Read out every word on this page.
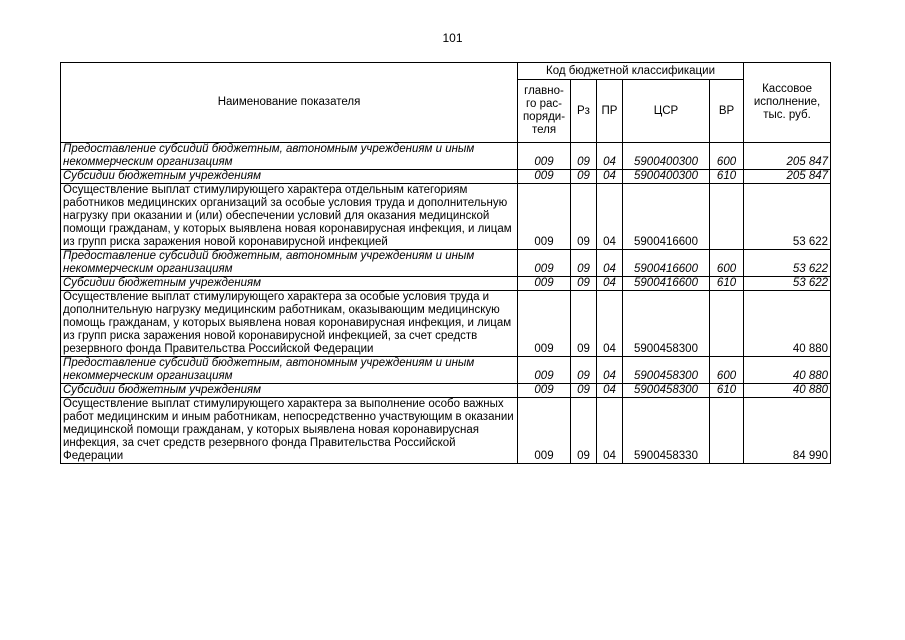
101
Наименование показателя	Код бюджетной классификации					Кассовое исполнение, тыс. руб.
	главно-го рас-поряди-теля	Рз	ПР	ЦСР	ВР	
Предоставление субсидий бюджетным, автономным учреждениям и иным некоммерческим организациям	009	09	04	5900400300	600	205 847
Субсидии бюджетным учреждениям	009	09	04	5900400300	610	205 847
Осуществление выплат стимулирующего характера отдельным категориям работников медицинских организаций за особые условия труда и дополнительную нагрузку при оказании и (или) обеспечении условий для оказания медицинской помощи гражданам, у которых выявлена новая коронавирусная инфекция, и лицам из групп риска заражения новой коронавирусной инфекцией	009	09	04	5900416600		53 622
Предоставление субсидий бюджетным, автономным учреждениям и иным некоммерческим организациям	009	09	04	5900416600	600	53 622
Субсидии бюджетным учреждениям	009	09	04	5900416600	610	53 622
Осуществление выплат стимулирующего характера за особые условия труда и дополнительную нагрузку медицинским работникам, оказывающим медицинскую помощь гражданам, у которых выявлена новая коронавирусная инфекция, и лицам из групп риска заражения новой коронавирусной инфекцией, за счет средств резервного фонда Правительства Российской Федерации	009	09	04	5900458300		40 880
Предоставление субсидий бюджетным, автономным учреждениям и иным некоммерческим организациям	009	09	04	5900458300	600	40 880
Субсидии бюджетным учреждениям	009	09	04	5900458300	610	40 880
Осуществление выплат стимулирующего характера за выполнение особо важных работ медицинским и иным работникам, непосредственно участвующим в оказании медицинской помощи гражданам, у которых выявлена новая коронавирусная инфекция, за счет средств резервного фонда Правительства Российской Федерации	009	09	04	5900458330		84 990
